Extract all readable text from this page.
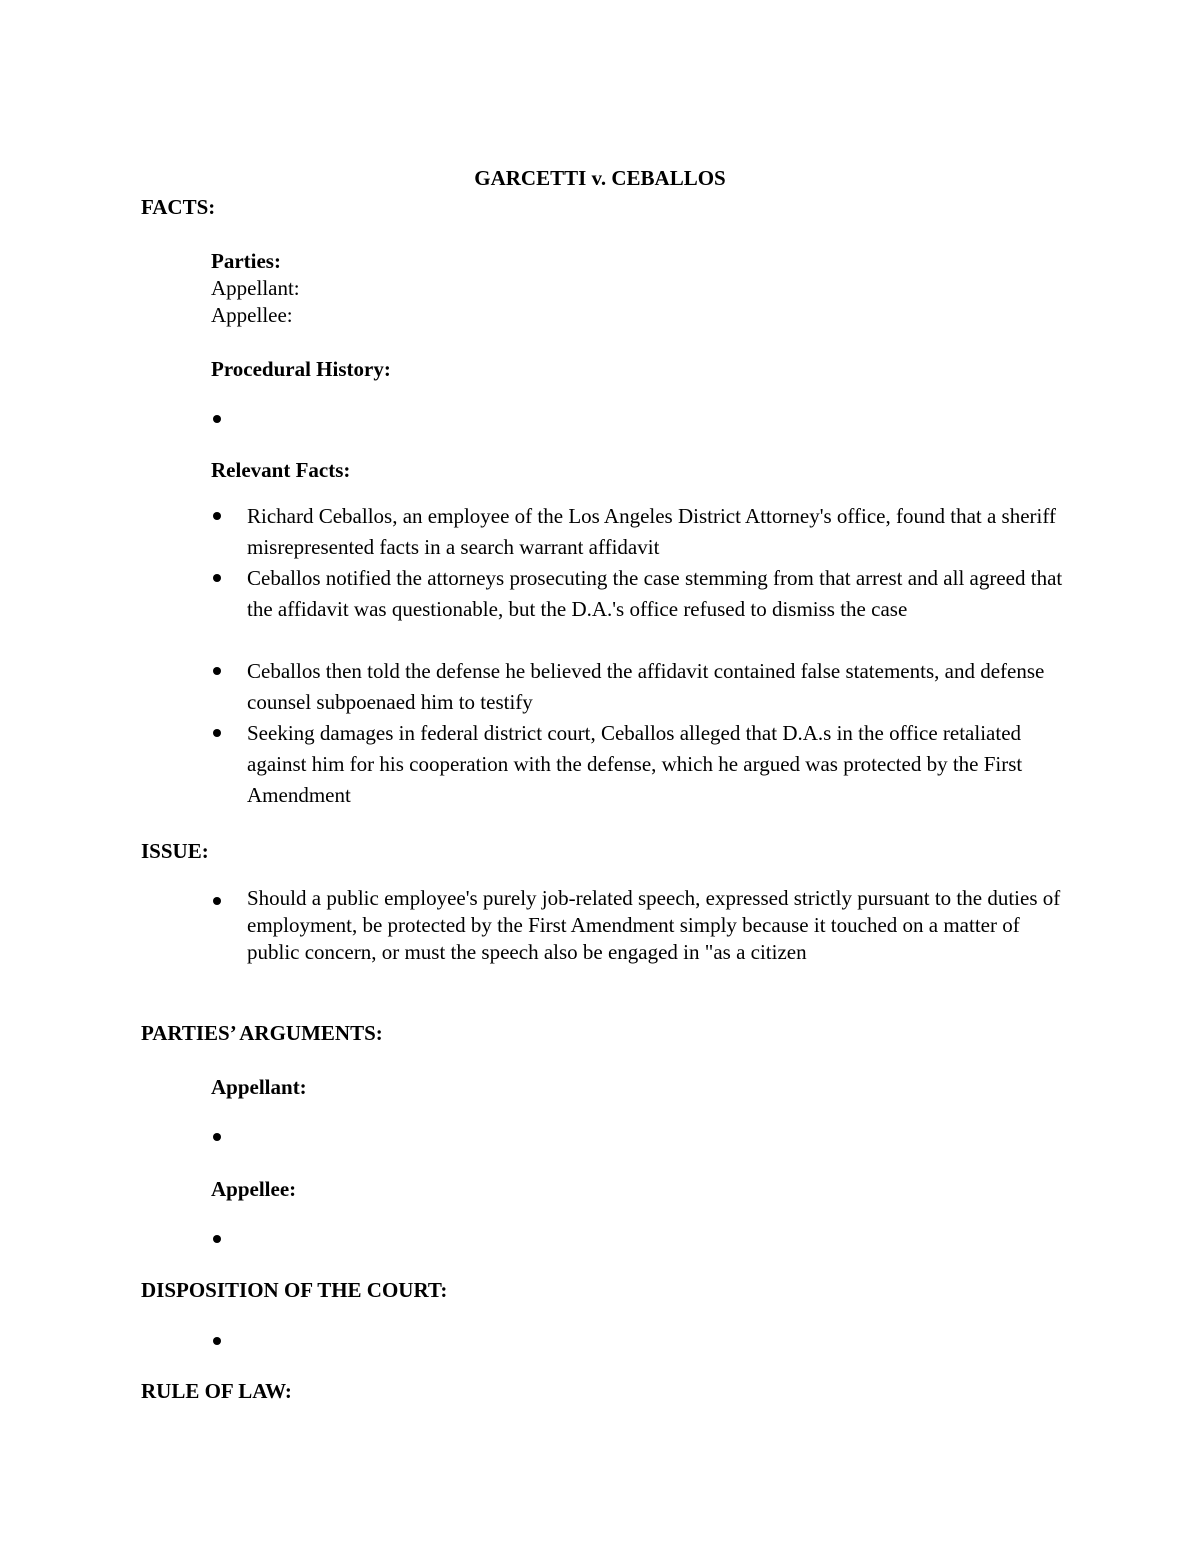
GARCETTI v. CEBALLOS
FACTS:
Parties:
Appellant:
Appellee:
Procedural History:
Relevant Facts:
Richard Ceballos, an employee of the Los Angeles District Attorney's office, found that a sheriff misrepresented facts in a search warrant affidavit
Ceballos notified the attorneys prosecuting the case stemming from that arrest and all agreed that the affidavit was questionable, but the D.A.'s office refused to dismiss the case
Ceballos then told the defense he believed the affidavit contained false statements, and defense counsel subpoenaed him to testify
Seeking damages in federal district court, Ceballos alleged that D.A.s in the office retaliated against him for his cooperation with the defense, which he argued was protected by the First Amendment
ISSUE:
Should a public employee's purely job-related speech, expressed strictly pursuant to the duties of employment, be protected by the First Amendment simply because it touched on a matter of public concern, or must the speech also be engaged in "as a citizen
PARTIES’ ARGUMENTS:
Appellant:
Appellee:
DISPOSITION OF THE COURT:
RULE OF LAW:
